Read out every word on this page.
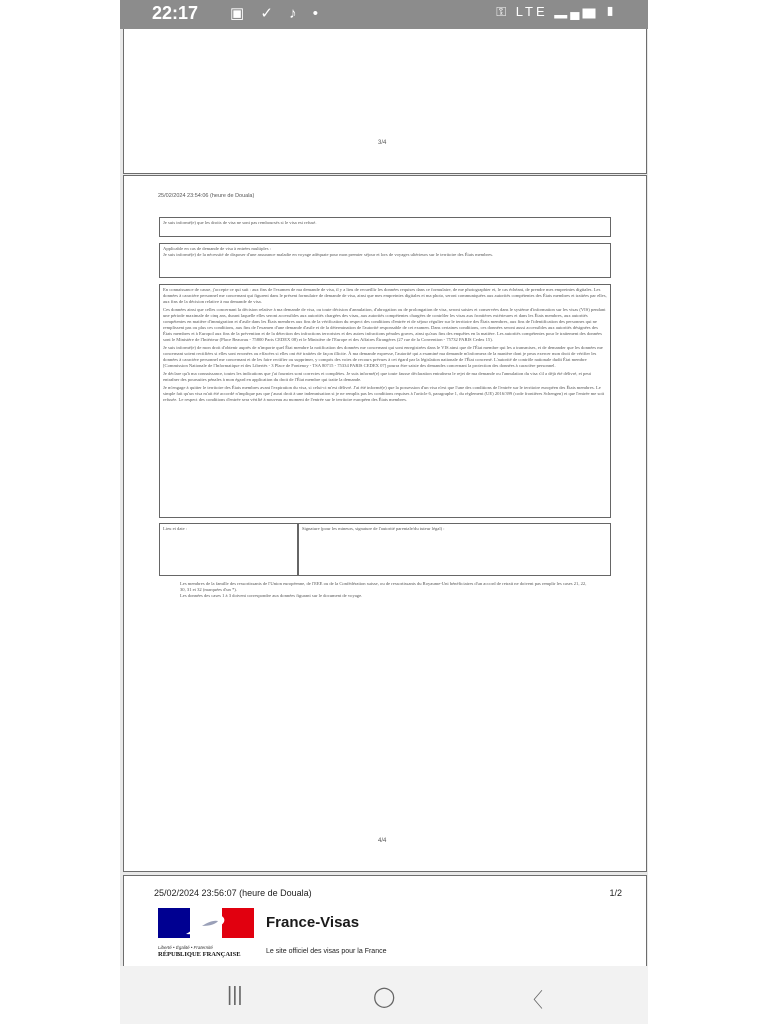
22:17 ▣ ✓ ♪ •	⚿ LTE ▂▄▆ ▮
3/4
25/02/2024 23:54:06 (heure de Douala)
Je suis informé(e) que les droits de visa ne sont pas remboursés si le visa est refusé.
Applicable en cas de demande de visa à entrées multiples :
Je suis informé(e) de la nécessité de disposer d'une assurance maladie en voyage adéquate pour mon premier séjour et lors de voyages ultérieurs sur le territoire des États membres.

En connaissance de cause, j'accepte ce qui suit : aux fins de l'examen de ma demande de visa, il y a lieu de recueillir les données requises dans ce formulaire, de me photographier et, le cas échéant, de prendre mes empreintes digitales. Les données à caractère personnel me concernant qui figurent dans le présent formulaire de demande de visa, ainsi que mes empreintes digitales et ma photo, seront communiquées aux autorités compétentes des États membres et traitées par elles, aux fins de la décision relative à ma demande de visa.

Ces données ainsi que celles concernant la décision relative à ma demande de visa, ou toute décision d'annulation, d'abrogation ou de prolongation de visa, seront saisies et conservées dans le système d'information sur les visas (VIS) pendant une période maximale de cinq ans, durant laquelle elles seront accessibles aux autorités chargées des visas, aux autorités compétentes chargées de contrôler les visas aux frontières extérieures et dans les États membres, aux autorités compétentes en matière d'immigration et d'asile dans les États membres aux fins de la vérification du respect des conditions d'entrée et de séjour régulier sur le territoire des États membres, aux fins de l'identification des personnes qui ne remplissent pas ou plus ces conditions, aux fins de l'examen d'une demande d'asile et de la détermination de l'autorité responsable de cet examen. Dans certaines conditions, ces données seront aussi accessibles aux autorités désignées des États membres et à Europol aux fins de la prévention et de la détection des infractions terroristes et des autres infractions pénales graves, ainsi qu'aux fins des enquêtes en la matière. Les autorités compétentes pour le traitement des données sont le Ministère de l'Intérieur (Place Beauvau - 75800 Paris CEDEX 08) et le Ministère de l'Europe et des Affaires Étrangères (27 rue de la Convention - 75732 PARIS Cedex 15).

Je suis informé(e) de mon droit d'obtenir auprès de n'importe quel État membre la notification des données me concernant qui sont enregistrées dans le VIS ainsi que de l'État membre qui les a transmises, et de demander que les données me concernant soient rectifiées si elles sont erronées ou effacées si elles ont été traitées de façon illicite. À ma demande expresse, l'autorité qui a examiné ma demande m'informera de la manière dont je peux exercer mon droit de vérifier les données à caractère personnel me concernant et de les faire rectifier ou supprimer, y compris des voies de recours prévues à cet égard par la législation nationale de l'État concerné. L'autorité de contrôle nationale dudit État membre [Commission Nationale de l'Informatique et des Libertés - 3 Place de Fontenoy - TSA 80715 - 75334 PARIS CEDEX 07] pourra être saisie des demandes concernant la protection des données à caractère personnel.

Je déclare qu'à ma connaissance, toutes les indications que j'ai fournies sont correctes et complètes. Je suis informé(e) que toute fausse déclaration entraînera le rejet de ma demande ou l'annulation du visa s'il a déjà été délivré, et peut entraîner des poursuites pénales à mon égard en application du droit de l'État membre qui traite la demande.

Je m'engage à quitter le territoire des États membres avant l'expiration du visa, si celui-ci m'est délivré. J'ai été informé(e) que la possession d'un visa n'est que l'une des conditions de l'entrée sur le territoire européen des États membres. Le simple fait qu'un visa m'ait été accordé n'implique pas que j'aurai droit à une indemnisation si je ne remplis pas les conditions requises à l'article 6, paragraphe 1, du règlement (UE) 2016/399 (code frontières Schengen) et que l'entrée me soit refusée. Le respect des conditions d'entrée sera vérifié à nouveau au moment de l'entrée sur le territoire européen des États membres.

Lieu et date :	Signature (pour les mineurs, signature de l'autorité parentale/du tuteur légal) :
Les membres de la famille des ressortissants de l'Union européenne, de l'EEE ou de la Confédération suisse, ou de ressortissants du Royaume-Uni bénéficiaires d'un accord de retrait ne doivent pas remplir les cases 21, 22, 30, 31 et 32 (marquées d'un *).
Les données des cases 1 à 3 doivent correspondre aux données figurant sur le document de voyage.
4/4
25/02/2024 23:56:07 (heure de Douala)	1/2
Liberté • Égalité • Fraternité
RÉPUBLIQUE FRANÇAISE
France-Visas
Le site officiel des visas pour la France
|||	◯	〈
